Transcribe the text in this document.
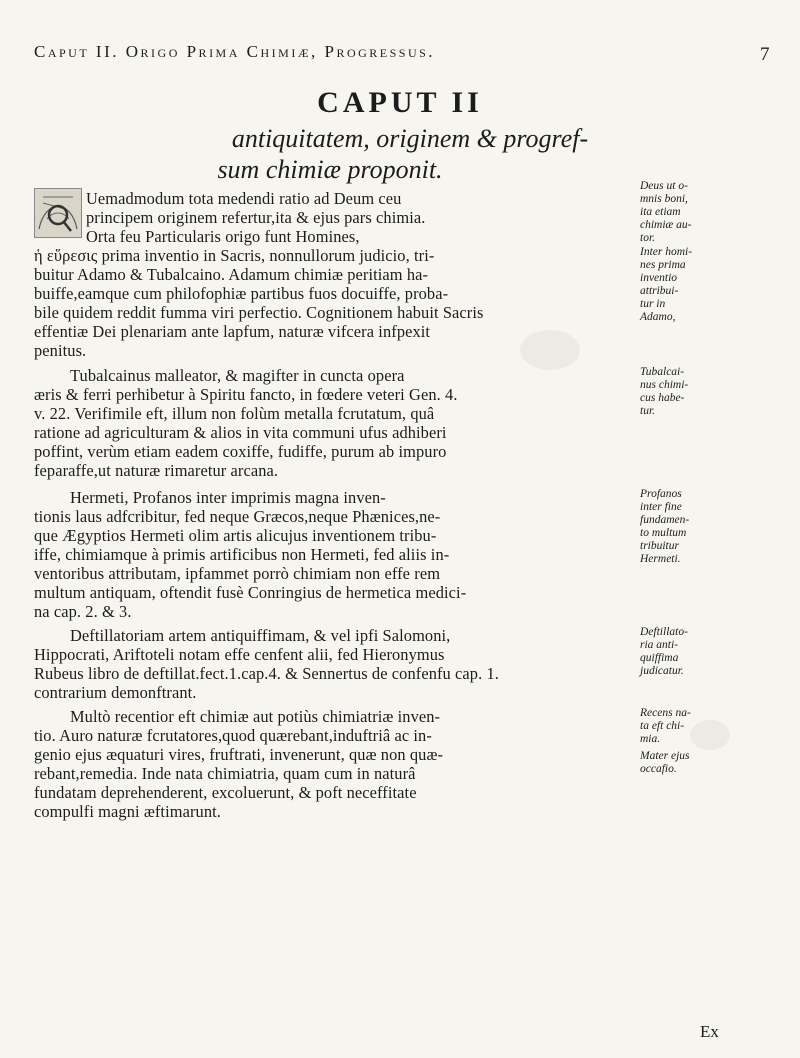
Caput II. Origo Prima Chimiæ, Progressus.	7
CAPUT II
antiquitatem, originem & progref-
sum chimiæ proponit.
Uemadmodum tota medendi ratio ad Deum ceu
principem originem refertur,ita & ejus pars chimia.
Orta feu Particularis origo funt Homines,
ἡ εὕρεσις prima inventio in Sacris, nonnullorum judicio, tri-
buitur Adamo & Tubalcaino. Adamum chimiæ peritiam ha-
buiffe,eamque cum philofophiæ partibus fuos docuiffe, proba-
bile quidem reddit fumma viri perfectio. Cognitionem habuit Sacris
effentiæ Dei plenariam ante lapfum, naturæ vifcera infpexit
penitus.
Tubalcainus malleator, & magifter in cuncta opera
æris & ferri perhibetur à Spiritu fancto, in fœdere veteri Gen. 4.
v. 22. Verifimile eft, illum non folùm metalla fcrutatum, quâ
ratione ad agriculturam & alios in vita communi ufus adhiberi
poffint, verùm etiam eadem coxiffe, fudiffe, purum ab impuro
feparaffe,ut naturæ rimaretur arcana.
Hermeti, Profanos inter imprimis magna inven-
tionis laus adfcribitur, fed neque Græcos,neque Phænices,ne-
que Ægyptios Hermeti olim artis alicujus inventionem tribu-
iffe, chimiamque à primis artificibus non Hermeti, fed aliis in-
ventoribus attributam, ipfammet porrò chimiam non effe rem
multum antiquam, oftendit fusè Conringius de hermetica medici-
na cap. 2. & 3.
Deftillatoriam artem antiquiffimam, & vel ipfi Salomoni,
Hippocrati, Ariftoteli notam effe cenfent alii, fed Hieronymus
Rubeus libro de deftillat.fect.1.cap.4. & Sennertus de confenfu cap. 1.
contrarium demonftrant.
Multò recentior eft chimiæ aut potiùs chimiatriæ inven-
tio. Auro naturæ fcrutatores,quod quærebant,induftriâ ac in-
genio ejus æquaturi vires, fruftrati, invenerunt, quæ non quæ-
rebant,remedia. Inde nata chimiatria, quam cum in naturâ
fundatam deprehenderent, excoluerunt, & poft neceffitate
compulfi magni æftimarunt.
Deus ut o-
mnis boni,
ita etiam
chimiæ au-
tor.
Inter homi-
nes prima
inventio
attribui-
tur in
Adamo,
Tubalcai-
nus chimi-
cus habe-
tur.
Profanos
inter fine
fundamen-
to multum
tribuitur
Hermeti.
Deftillato-
ria anti-
quiffima
judicatur.
Recens na-
ta eft chi-
mia.
Mater ejus
occafio.
Ex
